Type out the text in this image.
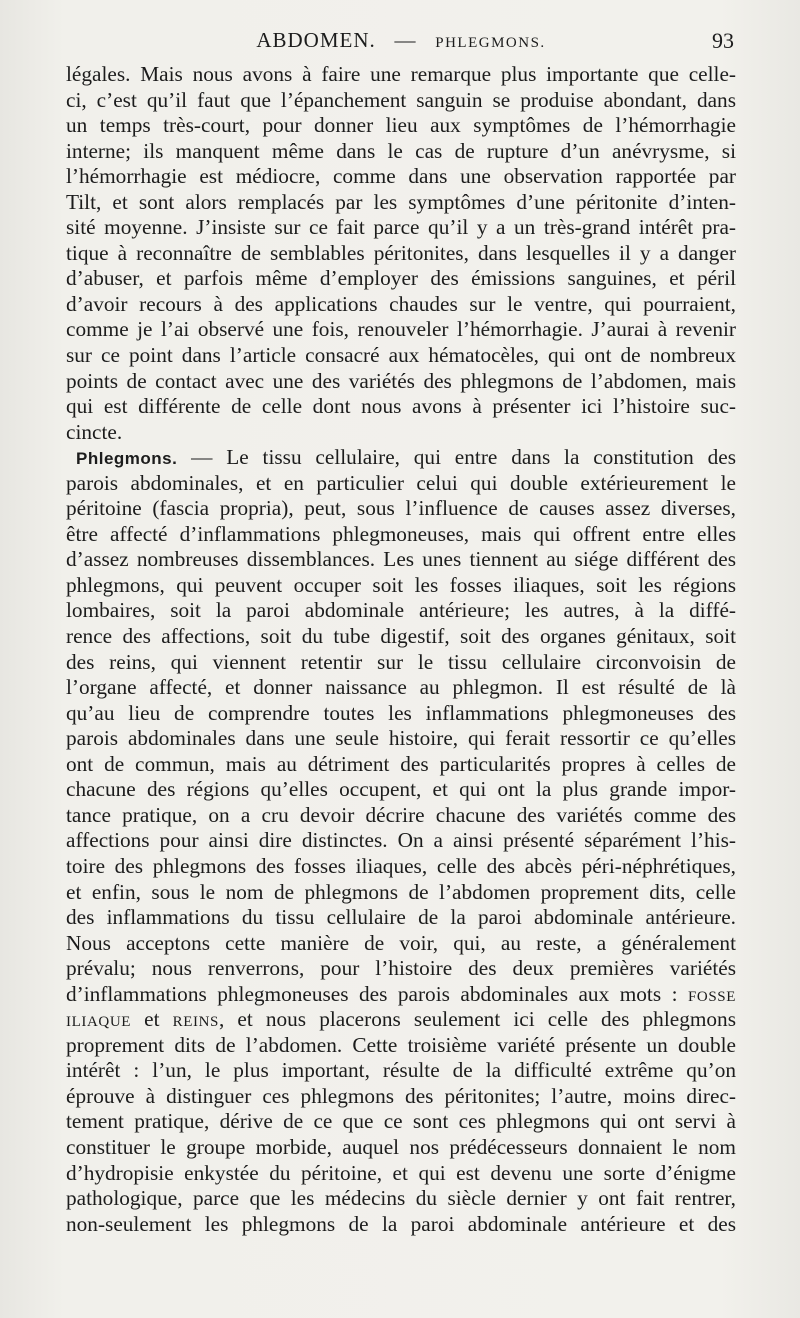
ABDOMEN. — PHLEGMONS.	93
légales. Mais nous avons à faire une remarque plus importante que celle-
ci, c’est qu’il faut que l’épanchement sanguin se produise abondant, dans
un temps très-court, pour donner lieu aux symptômes de l’hémorrhagie
interne; ils manquent même dans le cas de rupture d’un anévrysme, si
l’hémorrhagie est médiocre, comme dans une observation rapportée par
Tilt, et sont alors remplacés par les symptômes d’une péritonite d’inten-
sité moyenne. J’insiste sur ce fait parce qu’il y a un très-grand intérêt pra-
tique à reconnaître de semblables péritonites, dans lesquelles il y a danger
d’abuser, et parfois même d’employer des émissions sanguines, et péril
d’avoir recours à des applications chaudes sur le ventre, qui pourraient,
comme je l’ai observé une fois, renouveler l’hémorrhagie. J’aurai à revenir
sur ce point dans l’article consacré aux hématocèles, qui ont de nombreux
points de contact avec une des variétés des phlegmons de l’abdomen, mais
qui est différente de celle dont nous avons à présenter ici l’histoire suc-
cincte.
Phlegmons. — Le tissu cellulaire, qui entre dans la constitution des
parois abdominales, et en particulier celui qui double extérieurement le
péritoine (fascia propria), peut, sous l’influence de causes assez diverses,
être affecté d’inflammations phlegmoneuses, mais qui offrent entre elles
d’assez nombreuses dissemblances. Les unes tiennent au siége différent des
phlegmons, qui peuvent occuper soit les fosses iliaques, soit les régions
lombaires, soit la paroi abdominale antérieure; les autres, à la diffé-
rence des affections, soit du tube digestif, soit des organes génitaux, soit
des reins, qui viennent retentir sur le tissu cellulaire circonvoisin de
l’organe affecté, et donner naissance au phlegmon. Il est résulté de là
qu’au lieu de comprendre toutes les inflammations phlegmoneuses des
parois abdominales dans une seule histoire, qui ferait ressortir ce qu’elles
ont de commun, mais au détriment des particularités propres à celles de
chacune des régions qu’elles occupent, et qui ont la plus grande impor-
tance pratique, on a cru devoir décrire chacune des variétés comme des
affections pour ainsi dire distinctes. On a ainsi présenté séparément l’his-
toire des phlegmons des fosses iliaques, celle des abcès péri-néphrétiques,
et enfin, sous le nom de phlegmons de l’abdomen proprement dits, celle
des inflammations du tissu cellulaire de la paroi abdominale antérieure.
Nous acceptons cette manière de voir, qui, au reste, a généralement
prévalu; nous renverrons, pour l’histoire des deux premières variétés
d’inflammations phlegmoneuses des parois abdominales aux mots : FOSSE
ILIAQUE et REINS, et nous placerons seulement ici celle des phlegmons
proprement dits de l’abdomen. Cette troisième variété présente un double
intérêt : l’un, le plus important, résulte de la difficulté extrême qu’on
éprouve à distinguer ces phlegmons des péritonites; l’autre, moins direc-
tement pratique, dérive de ce que ce sont ces phlegmons qui ont servi à
constituer le groupe morbide, auquel nos prédécesseurs donnaient le nom
d’hydropisie enkystée du péritoine, et qui est devenu une sorte d’énigme
pathologique, parce que les médecins du siècle dernier y ont fait rentrer,
non-seulement les phlegmons de la paroi abdominale antérieure et des
